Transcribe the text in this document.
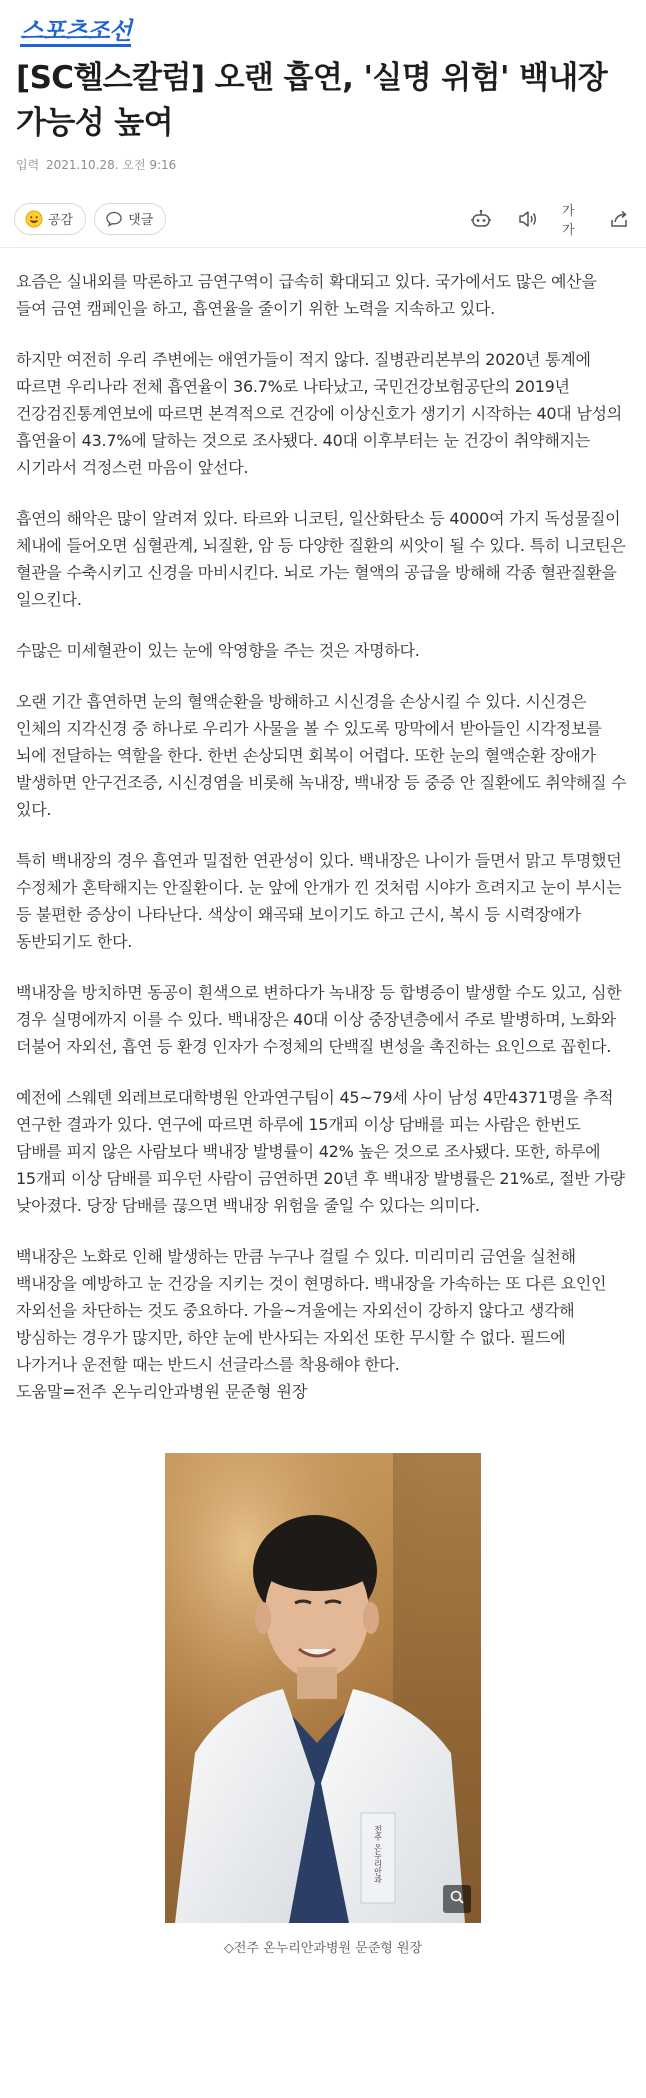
스포츠조선
[SC헬스칼럼] 오랜 흡연, '실명 위험' 백내장 가능성 높여
입력 2021.10.28. 오전 9:16
공감	댓글
가가

요즘은 실내외를 막론하고 금연구역이 급속히 확대되고 있다. 국가에서도 많은 예산을 들여 금연 캠페인을 하고, 흡연율을 줄이기 위한 노력을 지속하고 있다.

하지만 여전히 우리 주변에는 애연가들이 적지 않다. 질병관리본부의 2020년 통계에 따르면 우리나라 전체 흡연율이 36.7%로 나타났고, 국민건강보험공단의 2019년 건강검진통계연보에 따르면 본격적으로 건강에 이상신호가 생기기 시작하는 40대 남성의 흡연율이 43.7%에 달하는 것으로 조사됐다. 40대 이후부터는 눈 건강이 취약해지는 시기라서 걱정스런 마음이 앞선다.

흡연의 해악은 많이 알려져 있다. 타르와 니코틴, 일산화탄소 등 4000여 가지 독성물질이 체내에 들어오면 심혈관계, 뇌질환, 암 등 다양한 질환의 씨앗이 될 수 있다. 특히 니코틴은 혈관을 수축시키고 신경을 마비시킨다. 뇌로 가는 혈액의 공급을 방해해 각종 혈관질환을 일으킨다.

수많은 미세혈관이 있는 눈에 악영향을 주는 것은 자명하다.

오랜 기간 흡연하면 눈의 혈액순환을 방해하고 시신경을 손상시킬 수 있다. 시신경은 인체의 지각신경 중 하나로 우리가 사물을 볼 수 있도록 망막에서 받아들인 시각정보를 뇌에 전달하는 역할을 한다. 한번 손상되면 회복이 어렵다. 또한 눈의 혈액순환 장애가 발생하면 안구건조증, 시신경염을 비롯해 녹내장, 백내장 등 중증 안 질환에도 취약해질 수 있다.

특히 백내장의 경우 흡연과 밀접한 연관성이 있다. 백내장은 나이가 들면서 맑고 투명했던 수정체가 혼탁해지는 안질환이다. 눈 앞에 안개가 낀 것처럼 시야가 흐려지고 눈이 부시는 등 불편한 증상이 나타난다. 색상이 왜곡돼 보이기도 하고 근시, 복시 등 시력장애가 동반되기도 한다.

백내장을 방치하면 동공이 흰색으로 변하다가 녹내장 등 합병증이 발생할 수도 있고, 심한 경우 실명에까지 이를 수 있다. 백내장은 40대 이상 중장년층에서 주로 발병하며, 노화와 더불어 자외선, 흡연 등 환경 인자가 수정체의 단백질 변성을 촉진하는 요인으로 꼽힌다.

예전에 스웨덴 외레브로대학병원 안과연구팀이 45~79세 사이 남성 4만4371명을 추적 연구한 결과가 있다. 연구에 따르면 하루에 15개피 이상 담배를 피는 사람은 한번도 담배를 피지 않은 사람보다 백내장 발병률이 42% 높은 것으로 조사됐다. 또한, 하루에 15개피 이상 담배를 피우던 사람이 금연하면 20년 후 백내장 발병률은 21%로, 절반 가량 낮아졌다. 당장 담배를 끊으면 백내장 위험을 줄일 수 있다는 의미다.

백내장은 노화로 인해 발생하는 만큼 누구나 걸릴 수 있다. 미리미리 금연을 실천해 백내장을 예방하고 눈 건강을 지키는 것이 현명하다. 백내장을 가속하는 또 다른 요인인 자외선을 차단하는 것도 중요하다. 가을~겨울에는 자외선이 강하지 않다고 생각해 방심하는 경우가 많지만, 하얀 눈에 반사되는 자외선 또한 무시할 수 없다. 필드에 나가거나 운전할 때는 반드시 선글라스를 착용해야 한다.

도움말=전주 온누리안과병원 문준형 원장
전주 온누리안과
◇전주 온누리안과병원 문준형 원장
